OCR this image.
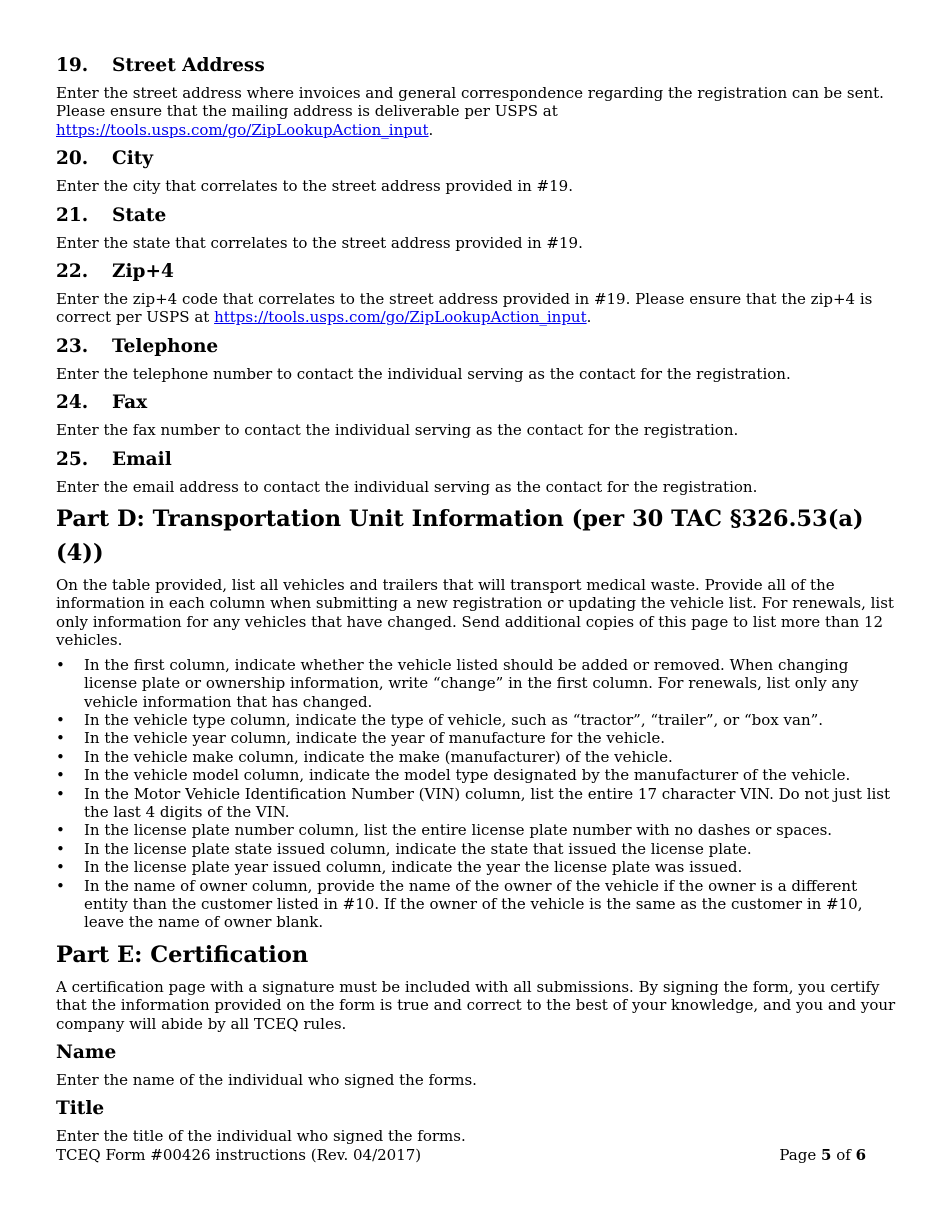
19. Street Address

Enter the street address where invoices and general correspondence regarding the registration can be sent. Please ensure that the mailing address is deliverable per USPS at https://tools.usps.com/go/ZipLookupAction_input.

20. City

Enter the city that correlates to the street address provided in #19.

21. State

Enter the state that correlates to the street address provided in #19.

22. Zip+4

Enter the zip+4 code that correlates to the street address provided in #19. Please ensure that the zip+4 is correct per USPS at https://tools.usps.com/go/ZipLookupAction_input.

23. Telephone

Enter the telephone number to contact the individual serving as the contact for the registration.

24. Fax

Enter the fax number to contact the individual serving as the contact for the registration.

25. Email

Enter the email address to contact the individual serving as the contact for the registration.

Part D: Transportation Unit Information (per 30 TAC §326.53(a)(4))

On the table provided, list all vehicles and trailers that will transport medical waste. Provide all of the information in each column when submitting a new registration or updating the vehicle list. For renewals, list only information for any vehicles that have changed. Send additional copies of this page to list more than 12 vehicles.

• In the first column, indicate whether the vehicle listed should be added or removed. When changing license plate or ownership information, write “change” in the first column. For renewals, list only any vehicle information that has changed.
• In the vehicle type column, indicate the type of vehicle, such as “tractor”, “trailer”, or “box van”.
• In the vehicle year column, indicate the year of manufacture for the vehicle.
• In the vehicle make column, indicate the make (manufacturer) of the vehicle.
• In the vehicle model column, indicate the model type designated by the manufacturer of the vehicle.
• In the Motor Vehicle Identification Number (VIN) column, list the entire 17 character VIN. Do not just list the last 4 digits of the VIN.
• In the license plate number column, list the entire license plate number with no dashes or spaces.
• In the license plate state issued column, indicate the state that issued the license plate.
• In the license plate year issued column, indicate the year the license plate was issued.
• In the name of owner column, provide the name of the owner of the vehicle if the owner is a different entity than the customer listed in #10. If the owner of the vehicle is the same as the customer in #10, leave the name of owner blank.
Part E: Certification

A certification page with a signature must be included with all submissions. By signing the form, you certify that the information provided on the form is true and correct to the best of your knowledge, and you and your company will abide by all TCEQ rules.

Name

Enter the name of the individual who signed the forms.

Title

Enter the title of the individual who signed the forms.

TCEQ Form #00426 instructions (Rev. 04/2017)	Page 5 of 6
